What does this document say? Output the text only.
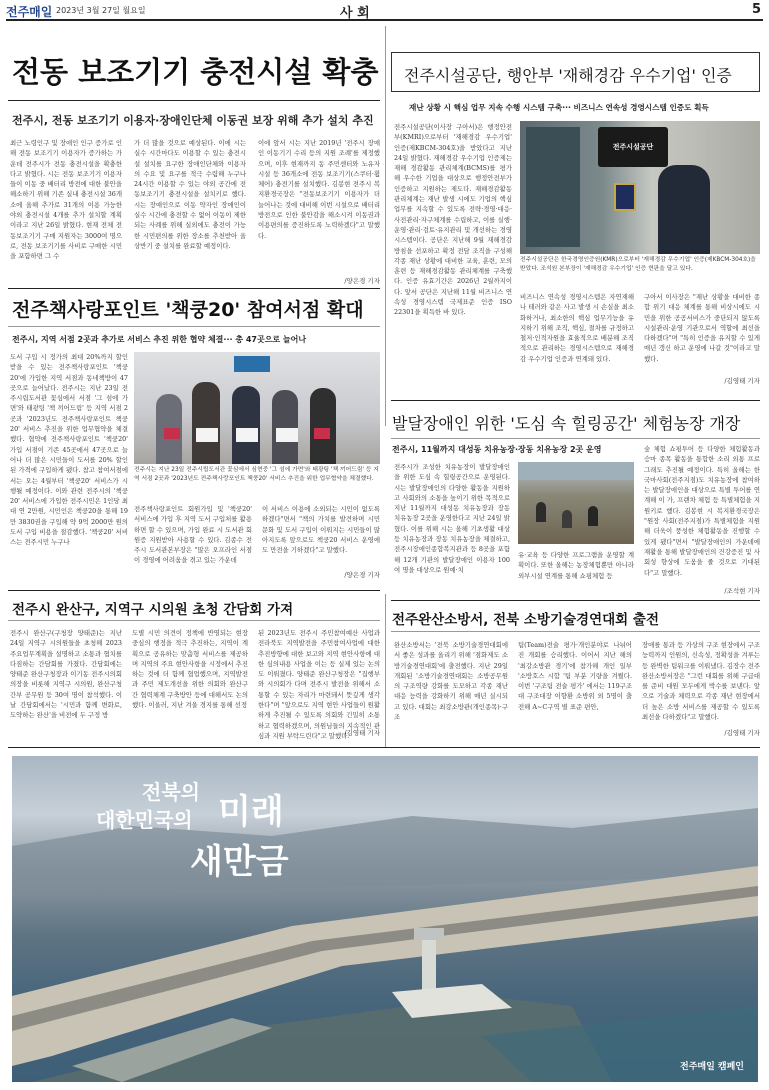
전주매일 2023년 3월 27일 월요일	사 회	5
전동 보조기기 충전시설 확충
전주시, 전동 보조기기 이용자·장애인단체 이동권 보장 위해 추가 설치 추진
최근 노령인구 및 장애인 인구 증가로 인해 전동 보조기기 이용자가 증가하는 가운데 전주시가 전동 충전시설을 확충한다고 밝혔다. 시는 전동 보조기기 이용자들이 이동 중 배터리 방전에 대한 불안을 해소하기 위해 기존 실내 충전시설 36개소에 올해 추가로 31개의 이용 가능한 야외 충전시설 4개를 추가 설치할 계획이라고 지난 26일 밝혔다. 현재 전체 전동보조기기 구매 지원자는 3000여 명으로, 전동 보조기기를 사비로 구매한 시민을 포함하면 그 수
가 더 많을 것으로 예상된다. 이에 시는 실수 시간마다도 이용할 수 있는 충전시설 설치를 요구한 장애인단체와 이용자의 수요 및 요구를 적극 수렴해 누구나 24시간 이용할 수 있는 야외 공간에 전동보조기기 충전시설을 설치키로 했다. 시는 장애인으로 이동 약자인 장애인이 실수 시간에 충전할 수 없어 이동이 제한되는 사례를 위해 실외에도 충전이 가능한 시민편의를 위한 장소를 추천받아 올 상반기 중 설치를 완료할 예정이다.
이에 앞서 시는 지난 2019년 '전주시 장애인 이동기기 수리 등의 지원 조례'를 제정했으며, 이후 현재까지 동 주민센터와 노유자시설 등 36개소에 전동 보조기기(스쿠터·휠체어) 충전기를 설치했다. 김봉현 전주시 복지환경국장은 "전동보조기기 이용자가 더 늘어나는 것에 대비해 이번 시설으로 배터리 방전으로 인한 불안감을 해소시켜 이동권과 이용편의를 증진하도록 노력하겠다"고 말했다.
/양은경 기자
전주시설공단, 행안부 '재해경감 우수기업' 인증
재난 상황 시 핵심 업무 지속 수행 시스템 구축··· 비즈니스 연속성 경영시스템 인증도 획득
전주시설공단(이사장 구아서)은 행정안전부(KMRI)으로부터 '재해경감 우수기업' 인증(제KBCM-304호)을 받았다고 지난 24일 밝혔다. 재해경감 우수기업 인증제는 재해 경감활동 관리체계(BCMS)를 평가해 우수한 기업을 대상으로 행정안전부가 인증하고 지원하는 제도다. 재해경감활동 관리체계는 재난 발생 시에도 기업의 핵심 업무를 지속할 수 있도록 전략·경영·대응·사전관리·자구체계를 수립하고, 이를 실행·운영·관리·검토·유지관리 및 개선하는 경영시스템이다. 공단은 지난해 9월 재해경감 방침을 선포하고 확정 전담 조직을 구성해 각종 재난 상황에 대비한 교육, 훈련, 모의훈련 등 재해경감활동 관리체계를 구축했다. 인증 유효기간은 2026년 2월까지이다. 앞서 공단은 지난해 11월 비즈니스 연속성 경영시스템 국제표준 인증 ISO 22301을 획득한 바 있다.
전주시설공단
전주시설공단은 한국경영인증원(KMR)으로부터 '재해경감 우수기업' 인증(제KBCM-304호)을 받았다. 조석원 본부장이 '재해경감 우수기업' 인증 현판을 달고 있다.
비즈니스 연속성 경영시스템은 자연재해나 테러와 같은 사고 발생 시 손실을 최소화하거나, 최소한의 핵심 업무기능을 유지하기 위해 조직, 핵심, 절차를 규정하고 철저·인적자원을 효율적으로 배분해 조직적으로 관리하는 경영시스템으로 재해경감 우수기업 인증과 연계돼 있다.
구아서 이사장은 "재난 상황을 대비한 종합 위기 대응 체계를 통해 비상시에도 시민을 위한 공공서비스가 중단되지 않도록 시설관리·운영 기관으로서 역할에 최선을 다하겠다"며 "특히 인증을 유지할 수 있게 매년 갱신 하고 운영에 나갈 것"이라고 말했다.
/김영태 기자
전주책사랑포인트 '책쿵20' 참여서점 확대
전주시, 지역 서점 2곳과 추가로 서비스 추진 위한 협약 체결··· 총 47곳으로 늘어나
도서 구입 시 정가의 최대 20%까지 할인받을 수 있는 전주책사랑포인트 '책쿵20'에 가입한 지역 서점과 동네책방이 47곳으로 늘어났다. 전주시는 지난 23일 전주시립도서관 꽃심에서 서점 '그 섬에 가면'와 태광팅 '책 끼어드림' 등 지역 서점 2곳과 '2023년도 전주책사랑포인트 책쿵20' 서비스 추진을 위한 업무협약을 체결했다. 협약에 전주책사랑포인트 '책쿵20' 가입 서점이 기존 45곳에서 47곳으로 늘어나 더 많은 시민들이 도서를 20% 할인된 가격에 구입하게 됐다. 참고 참여서점에서는 오는 4월부터 '책쿵20' 서비스가 시행될 예정이다. 이와 관련 전주시의 '책쿵20' 서비스에 가입한 전주시민은 1인당 최대 연 2만원, 시민인은 책쿵20을 통해 19만 3830권을 구입해 약 9억 2000만 원의 도서 구입 비용을 절감했다. '책쿵20' 서비스는 전주시민 누구나
전주시는 지난 23일 전주시립도서관 꽃심에서 심현중 '그 섬에 가면'와 태광팅 '책 끼어드림' 등 지역 서점 2곳과 '2023년도 전주책사랑포인트 책쿵20' 서비스 추진을 위한 업무협약을 체결했다.
전주책사랑포인트 회원가입 및 '책쿵20' 서비스에 가입 후 지역 도서 구입처를 활용하면 할 수 있으며, 가입 완료 시 도서관 회원증 지원받아 사용할 수 있다. 김종수 전주시 도서관본부장은 "많은 오프라인 서점이 경영에 어려움을 겪고 있는 가운데
이 서비스 이용에 소외되는 시민이 없도록 하겠다"면서 "책의 가치를 발견하며 시민 문화 및 도서 구입이 이뤄지는 시민들이 많아지도록 앞으로도 책쿵20 서비스 운영에도 만전을 기하겠다"고 말했다.
/양은경 기자
발달장애인 위한 '도심 속 힐링공간' 체험농장 개장
전주시, 11월까지 대성동 치유농장·장동 치유농장 2곳 운영
전주시가 조성한 치유농장이 발달장애인을 위한 도심 속 힐링공간으로 운영된다. 시는 발달장애인의 다양한 활동을 지원하고 사회와의 소통을 높이기 위한 목적으로 지난 11월까지 대성동 치유농장과 장동 치유농장 2곳을 운영한다고 지난 24일 밝혔다. 이를 위해 시는 올해 기초생활 대상 등 치유농장과 장동 치유농장을 체결하고, 전주시장애인종합복지관과 등 8곳을 포함해 12개 기관의 발달장애인 이용자 100여 명을 대상으로 원예·치
유·교육 등 다양한 프로그램을 운영할 계획이다. 또한 올해는 농장체험뿐만 아니라 외부시설 연계를 통해 쇼핑체험 등
숲 체험 쇼핑투어 등 다양한 체험활동과 승마 종목 활동을 통합한 소리 외통 프로그래도 추진될 예정이다. 특히 올해는 한국마사회(전주지점)도 치유농장에 참여하는 발달장애인을 대상으로 특별 투어를 연계해 이 가, 프랜차 체험 등 특별체험을 지원키로 했다. 김봉현 시 복지환경국장은 "원장 사회(전주지점)가 특별체험을 지원해 더욱이 풍성한 체험활동을 진행할 수 있게 됐다"면서 "발달장애인의 가운데에 재활을 통해 발달장애인의 건강증진 및 사회성 향상에 도움을 줄 것으로 기대된다"고 말했다.
/조석현 기자
전주시 완산구, 지역구 시의원 초청 간담회 가져
전주시 완산구(구청장 양태준)는 지난 24일 지역구 시의원들을 초청해 2023 주요업무계획을 설명하고 소통과 협치를 다짐하는 간담회를 가졌다. 간담회에는 양태준 완산구청장과 이기동 전주시의회 의장을 비롯해 지역구 시의원, 완산구청 간부 공무원 등 30여 명이 참석했다. 이날 간담회에서는 '시민과 함께 변화로, 도약하는 완산'을 비전에 두 구정 방
도별 시민 의견이 정책에 반영되는 현장 중심의 행정을 적극 추진하는, 지역이 계획으로 공유하는 맞춤형 서비스를 제공하며 지역의 주요 현안사항을 시정에서 추진하는 것에 더 함께 협업했으며, 지역발전과 주민 제도개선을 위한 의회와 완산구 간 협력체계 구축방안 등에 대해서도 논의했다. 이울러, 지난 겨울 경지를 통해 선정
된 2023년도 전주시 주민참여예산 사업과 전라북도 지역발전을 주민참여사업에 대한 추진방향에 대한 보고와 지역 현안사항에 대한 심의내용 사업을 이는 등 실제 있는 논의도 이뤄졌다. 양태준 완산구청장은 "집행부와 시의회가 다며 전주시 발전을 위해서 소통할 수 있는 자리가 마련돼서 뜻깊게 생각한다"며 "앞으로도 지역 현안 사업들이 원활하게 추진될 수 있도록 의회와 긴밀히 소통하고 협력하겠으며, 의원님들의 지속적인 관심과 지원 부탁드린다"고 말했다.
/김영태 기자
전주완산소방서, 전북 소방기술경연대회 출전
완산소방서는 '전북 소방기술경연대회에서 좋은 성과를 올리기 위해 '점화제도 소방기술경연대회'에 출전했다. 지난 29일 개회된 '소방기술경연대회는 소방공무원의 구조역량 강화를 도모하고 각종 재난 대응 능력을 강화하기 위해 매년 실시되고 있다. 대회는 최강소방관(개인종목)·구조
팀(Team)전술 평가·개인분야로 나뉘어진 개회를 승리했다. 이어서 지난 해의 '최강소방관 경기'에 참가해 개인 일부 '소방호스 시합 '팀 부분 기량을 겨뤘다. 이번 '구조팀 전술 평가' 에서는 119구조대 구조대장 이향환 소방위 외 5명이 출전해 A~C구역 별 표준 편안,
장애를 통과 등 가상의 구조 현장에서 구조능력까지 인원의, 신속성, 정확성을 겨루는 등 완벽한 팀워크를 이뤄냈다. 김장수 전주완산소방서장은 "그런 대회를 위해 구급대를 준비 대원 모두에게 박수를 보낸다. 앞으로 기술과 체력으로 각종 재난 현장에서 더 높은 소방 서비스를 제공할 수 있도록 최선을 다하겠다"고 말했다.
/김영태 기자
전북의
대한민국의 미래
새만금
전주매일 캠페인
